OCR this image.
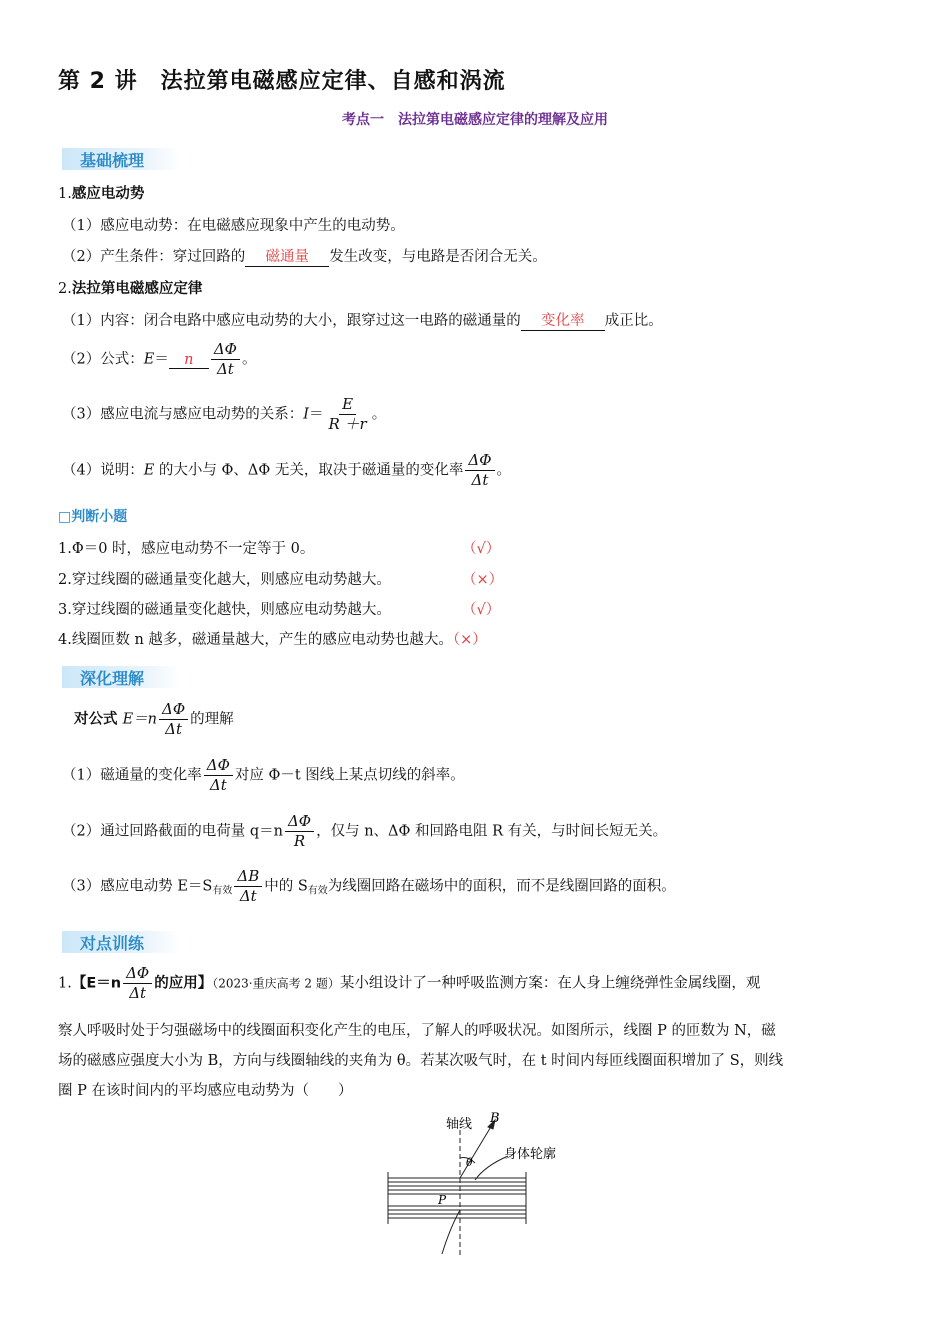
第 2 讲　法拉第电磁感应定律、自感和涡流
考点一　法拉第电磁感应定律的理解及应用
基础梳理
1.感应电动势
（1）感应电动势：在电磁感应现象中产生的电动势。
（2）产生条件：穿过回路的 磁通量 发生改变，与电路是否闭合无关。
2.法拉第电磁感应定律
（1）内容：闭合电路中感应电动势的大小，跟穿过这一电路的磁通量的 变化率 成正比。
（2）公式：E＝ n $\frac{\Delta\Phi}{\Delta t}$ 。
（3）感应电流与感应电动势的关系：$I= \frac{E}{R +r}$ 。
（4）说明：E 的大小与 Φ、ΔΦ 无关，取决于磁通量的变化率 $\frac{\Delta\Phi}{\Delta t}$ 。
□判断小题
1.Φ＝0 时，感应电动势不一定等于 0。	（√）
2.穿过线圈的磁通量变化越大，则感应电动势越大。	（×）
3.穿过线圈的磁通量变化越快，则感应电动势越大。	（√）
4.线圈匝数 n 越多，磁通量越大，产生的感应电动势也越大。（×）
深化理解
对公式 $E=n \frac{\Delta\Phi}{\Delta t}$ 的理解
（1）磁通量的变化率 $\frac{\Delta\Phi}{\Delta t}$ 对应 Φ－t 图线上某点切线的斜率。
（2）通过回路截面的电荷量 $q=n \frac{\Delta\Phi}{R}$ ，仅与 n、ΔΦ 和回路电阻 R 有关，与时间长短无关。
（3）感应电动势 $E=S_{有效} \frac{\Delta B}{\Delta t}$ 中的 $S_{有效}$为线圈回路在磁场中的面积，而不是线圈回路的面积。
对点训练
1.【$E=n \frac{\Delta\Phi}{\Delta t}$ 的应用】（2023·重庆高考 2 题）某小组设计了一种呼吸监测方案：在人身上缠绕弹性金属线圈，观
察人呼吸时处于匀强磁场中的线圈面积变化产生的电压，了解人的呼吸状况。如图所示，线圈 P 的匝数为 N，磁
场的磁感应强度大小为 B，方向与线圈轴线的夹角为 θ。若某次吸气时，在 t 时间内每匝线圈面积增加了 S，则线
圈 P 在该时间内的平均感应电动势为（　　）
轴线 B
θ
身体轮廓
P
